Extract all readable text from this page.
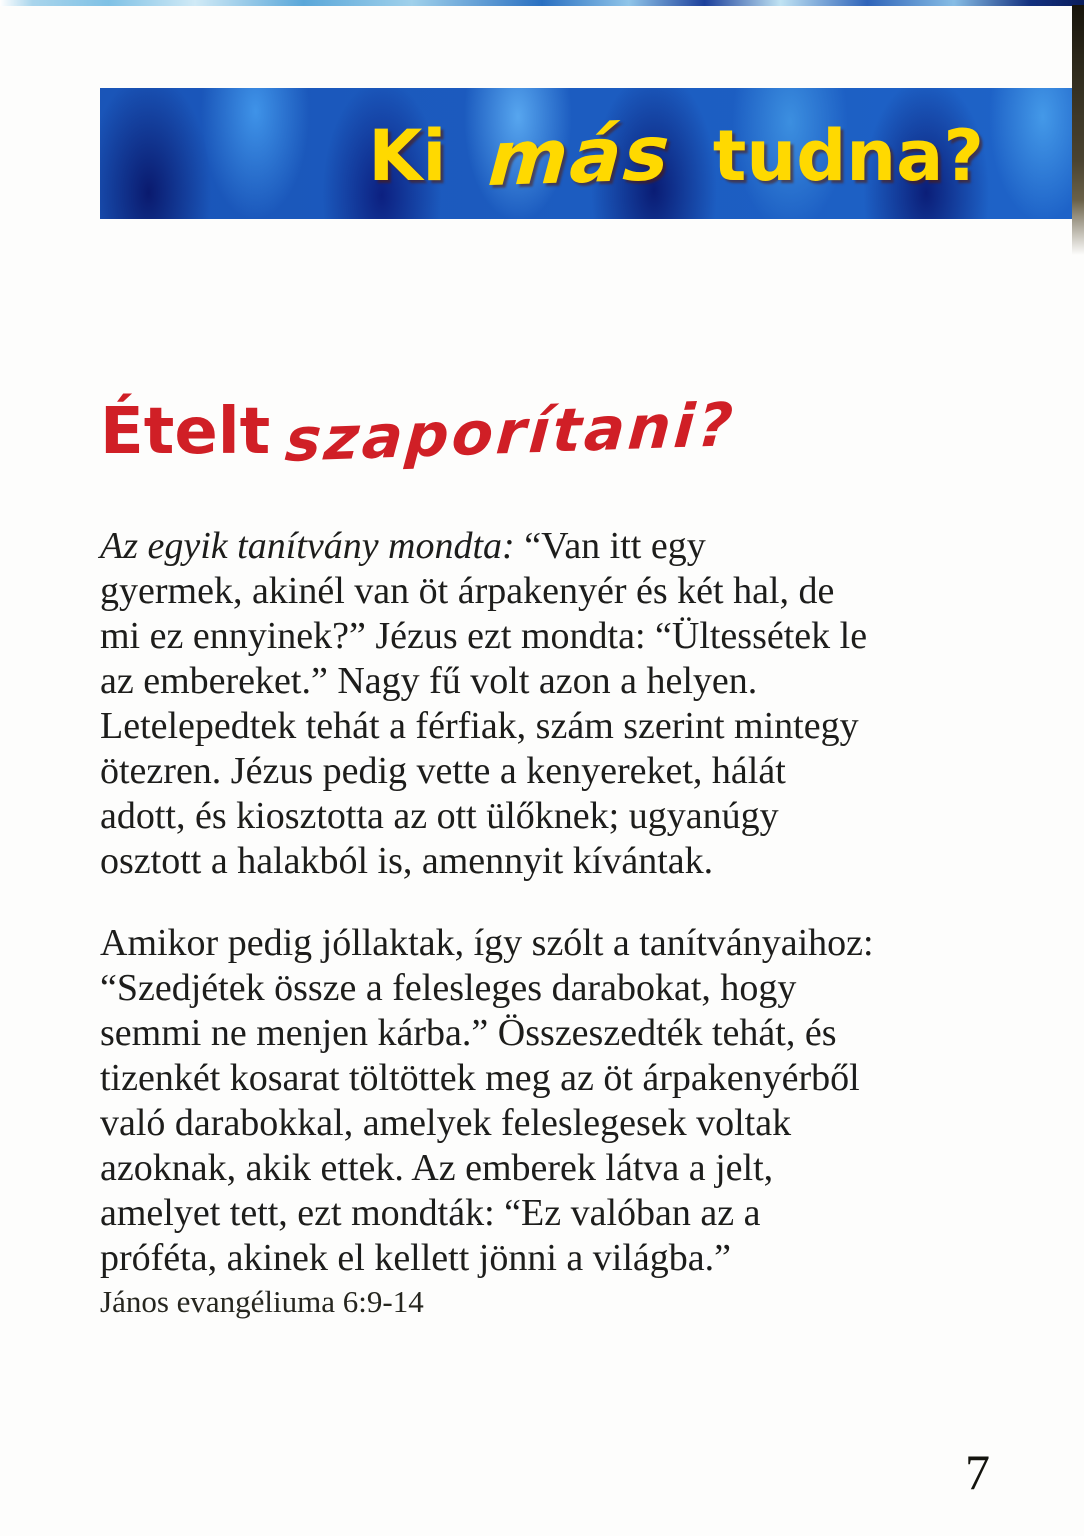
Ki más tudna?
Ételt szaporítani?
Az egyik tanítvány mondta: “Van itt egy
gyermek, akinél van öt árpakenyér és két hal, de
mi ez ennyinek?” Jézus ezt mondta: “Ültessétek le
az embereket.” Nagy fű volt azon a helyen.
Letelepedtek tehát a férfiak, szám szerint mintegy
ötezren. Jézus pedig vette a kenyereket, hálát
adott, és kiosztotta az ott ülőknek; ugyanúgy
osztott a halakból is, amennyit kívántak.
Amikor pedig jóllaktak, így szólt a tanítványaihoz:
“Szedjétek össze a felesleges darabokat, hogy
semmi ne menjen kárba.” Összeszedték tehát, és
tizenkét kosarat töltöttek meg az öt árpakenyérből
való darabokkal, amelyek feleslegesek voltak
azoknak, akik ettek. Az emberek látva a jelt,
amelyet tett, ezt mondták: “Ez valóban az a
próféta, akinek el kellett jönni a világba.”
János evangéliuma 6:9-14
7
